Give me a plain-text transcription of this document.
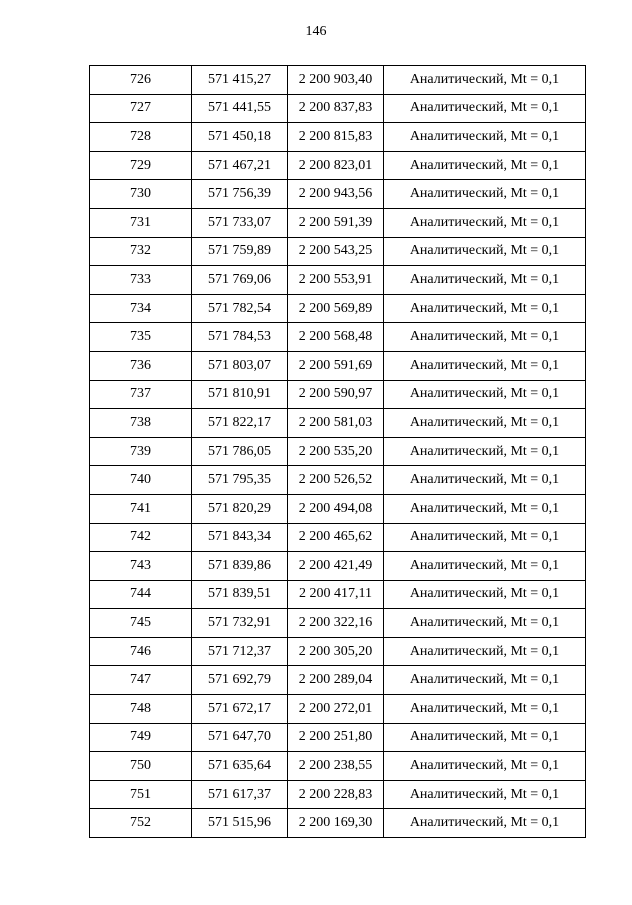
146
726	571 415,27	2 200 903,40	Аналитический, Mt = 0,1
727	571 441,55	2 200 837,83	Аналитический, Mt = 0,1
728	571 450,18	2 200 815,83	Аналитический, Mt = 0,1
729	571 467,21	2 200 823,01	Аналитический, Mt = 0,1
730	571 756,39	2 200 943,56	Аналитический, Mt = 0,1
731	571 733,07	2 200 591,39	Аналитический, Mt = 0,1
732	571 759,89	2 200 543,25	Аналитический, Mt = 0,1
733	571 769,06	2 200 553,91	Аналитический, Mt = 0,1
734	571 782,54	2 200 569,89	Аналитический, Mt = 0,1
735	571 784,53	2 200 568,48	Аналитический, Mt = 0,1
736	571 803,07	2 200 591,69	Аналитический, Mt = 0,1
737	571 810,91	2 200 590,97	Аналитический, Mt = 0,1
738	571 822,17	2 200 581,03	Аналитический, Mt = 0,1
739	571 786,05	2 200 535,20	Аналитический, Mt = 0,1
740	571 795,35	2 200 526,52	Аналитический, Mt = 0,1
741	571 820,29	2 200 494,08	Аналитический, Mt = 0,1
742	571 843,34	2 200 465,62	Аналитический, Mt = 0,1
743	571 839,86	2 200 421,49	Аналитический, Mt = 0,1
744	571 839,51	2 200 417,11	Аналитический, Mt = 0,1
745	571 732,91	2 200 322,16	Аналитический, Mt = 0,1
746	571 712,37	2 200 305,20	Аналитический, Mt = 0,1
747	571 692,79	2 200 289,04	Аналитический, Mt = 0,1
748	571 672,17	2 200 272,01	Аналитический, Mt = 0,1
749	571 647,70	2 200 251,80	Аналитический, Mt = 0,1
750	571 635,64	2 200 238,55	Аналитический, Mt = 0,1
751	571 617,37	2 200 228,83	Аналитический, Mt = 0,1
752	571 515,96	2 200 169,30	Аналитический, Mt = 0,1
